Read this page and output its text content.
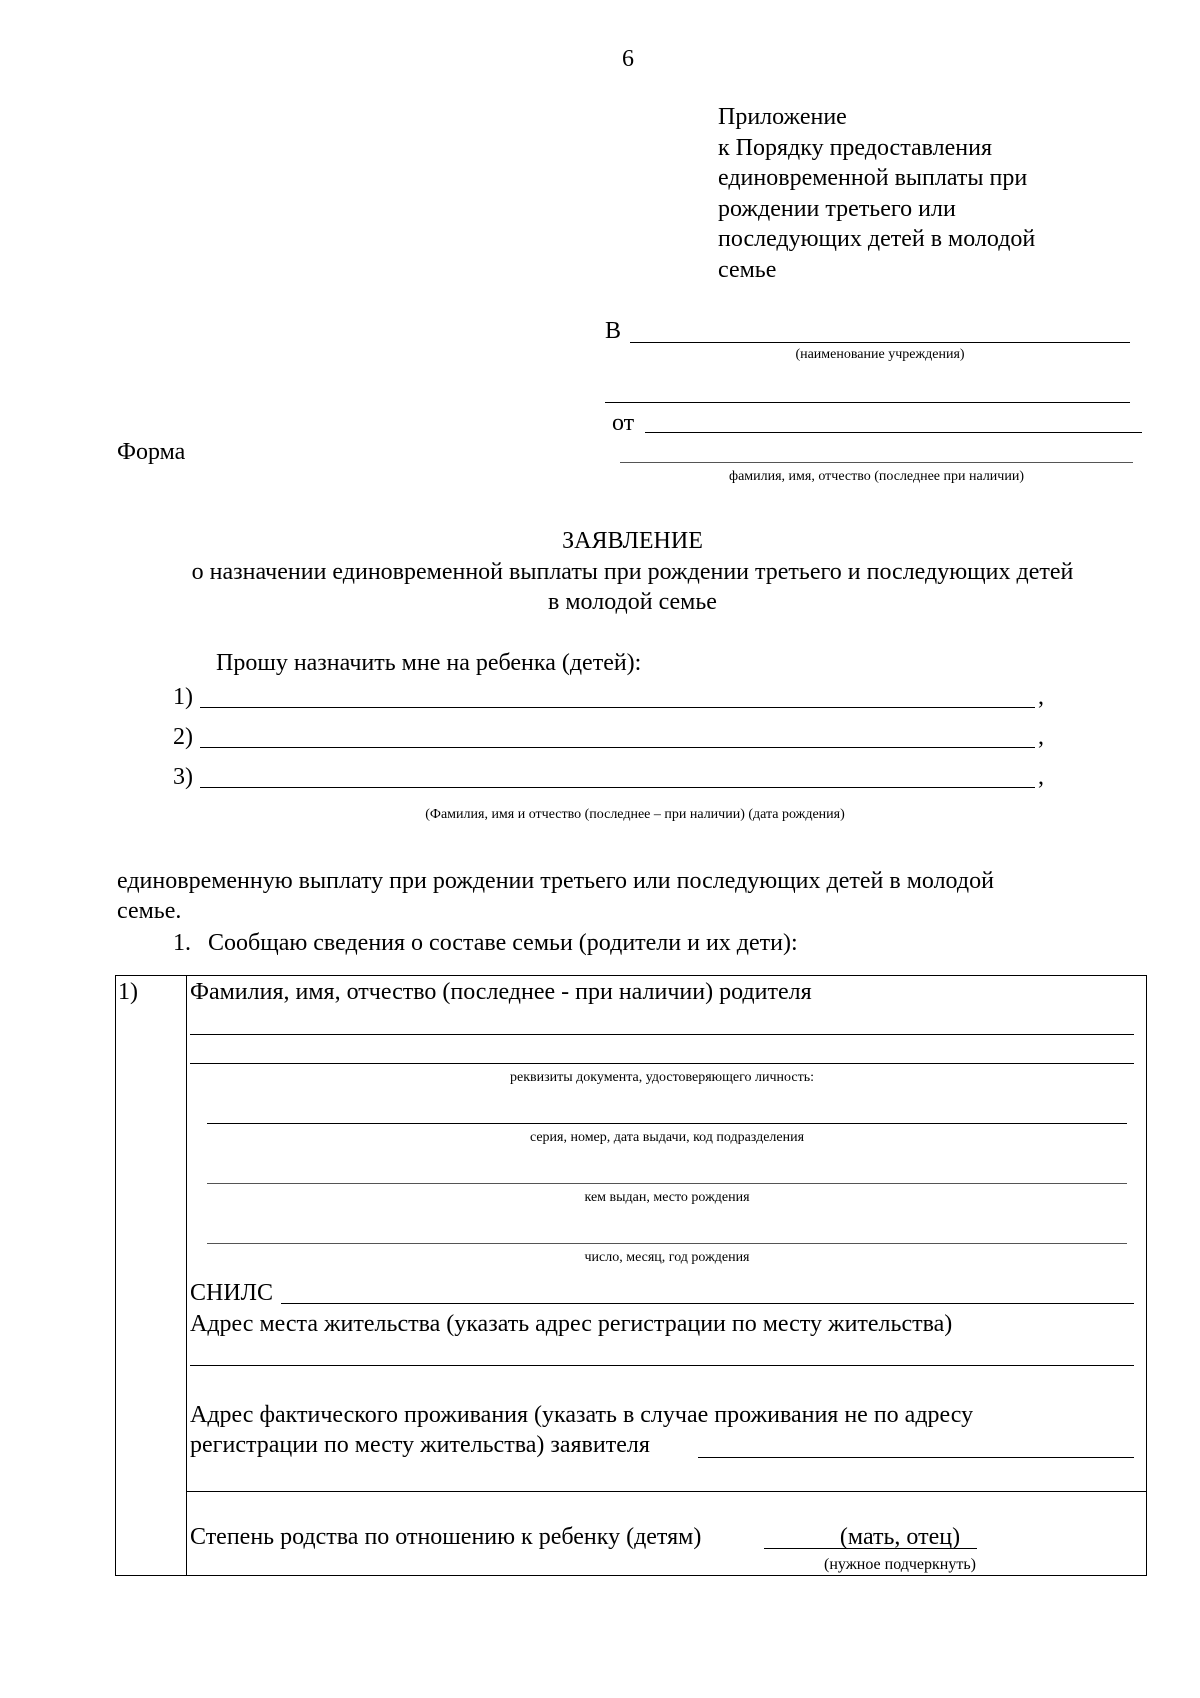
6
Приложение
к Порядку предоставления
единовременной выплаты при
рождении третьего или
последующих детей в молодой
семье
В
(наименование учреждения)
от
фамилия, имя, отчество (последнее при наличии)
Форма
ЗАЯВЛЕНИЕ
о назначении единовременной выплаты при рождении третьего и последующих детей
в молодой семье
Прошу назначить мне на ребенка (детей):
1)	,
2)	,
3)	,
(Фамилия, имя и отчество (последнее – при наличии) (дата рождения)
единовременную выплату при рождении третьего или последующих детей в молодой
семье.
1. Сообщаю сведения о составе семьи (родители и их дети):
1) Фамилия, имя, отчество (последнее - при наличии) родителя
реквизиты документа, удостоверяющего личность:
серия, номер, дата выдачи, код подразделения
кем выдан, место рождения
число, месяц, год рождения
СНИЛС
Адрес места жительства (указать адрес регистрации по месту жительства)
Адрес фактического проживания (указать в случае проживания не по адресу
регистрации по месту жительства) заявителя
Степень родства по отношению к ребенку (детям)	(мать, отец)
(нужное подчеркнуть)
